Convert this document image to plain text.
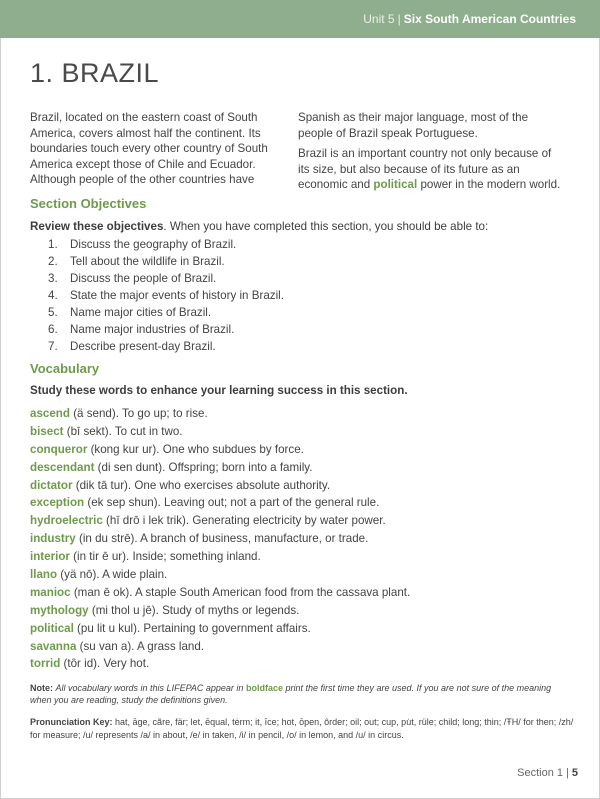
Unit 5 | Six South American Countries
1. BRAZIL

Brazil, located on the eastern coast of South America, covers almost half the continent. Its boundaries touch every other country of South America except those of Chile and Ecuador. Although people of the other countries have

Spanish as their major language, most of the people of Brazil speak Portuguese.

Brazil is an important country not only because of its size, but also because of its future as an economic and political power in the modern world.

Section Objectives
Review these objectives. When you have completed this section, you should be able to:
1. Discuss the geography of Brazil.
2. Tell about the wildlife in Brazil.
3. Discuss the people of Brazil.
4. State the major events of history in Brazil.
5. Name major cities of Brazil.
6. Name major industries of Brazil.
7. Describe present-day Brazil.
Vocabulary
Study these words to enhance your learning success in this section.
ascend (ä send). To go up; to rise.
bisect (bī sekt). To cut in two.
conqueror (kong kur ur). One who subdues by force.
descendant (di sen dunt). Offspring; born into a family.
dictator (dik tā tur). One who exercises absolute authority.
exception (ek sep shun). Leaving out; not a part of the general rule.
hydroelectric (hī drō i lek trik). Generating electricity by water power.
industry (in du strē). A branch of business, manufacture, or trade.
interior (in tir ē ur). Inside; something inland.
llano (yä nō). A wide plain.
manioc (man ē ok). A staple South American food from the cassava plant.
mythology (mi thol u jē). Study of myths or legends.
political (pu lit u kul). Pertaining to government affairs.
savanna (su van a). A grass land.
torrid (tôr id). Very hot.
Note: All vocabulary words in this LIFEPAC appear in boldface print the first time they are used. If you are not sure of the meaning when you are reading, study the definitions given.
Pronunciation Key: hat, āge, cãre, fär; let, ēqual, tėrm; it, īce; hot, ōpen, ôrder; oil; out; cup, pu̇t, rüle; child; long; thin; /ŦH/ for then; /zh/ for measure; /u/ represents /a/ in about, /e/ in taken, /i/ in pencil, /o/ in lemon, and /u/ in circus.
Section 1 | 5
